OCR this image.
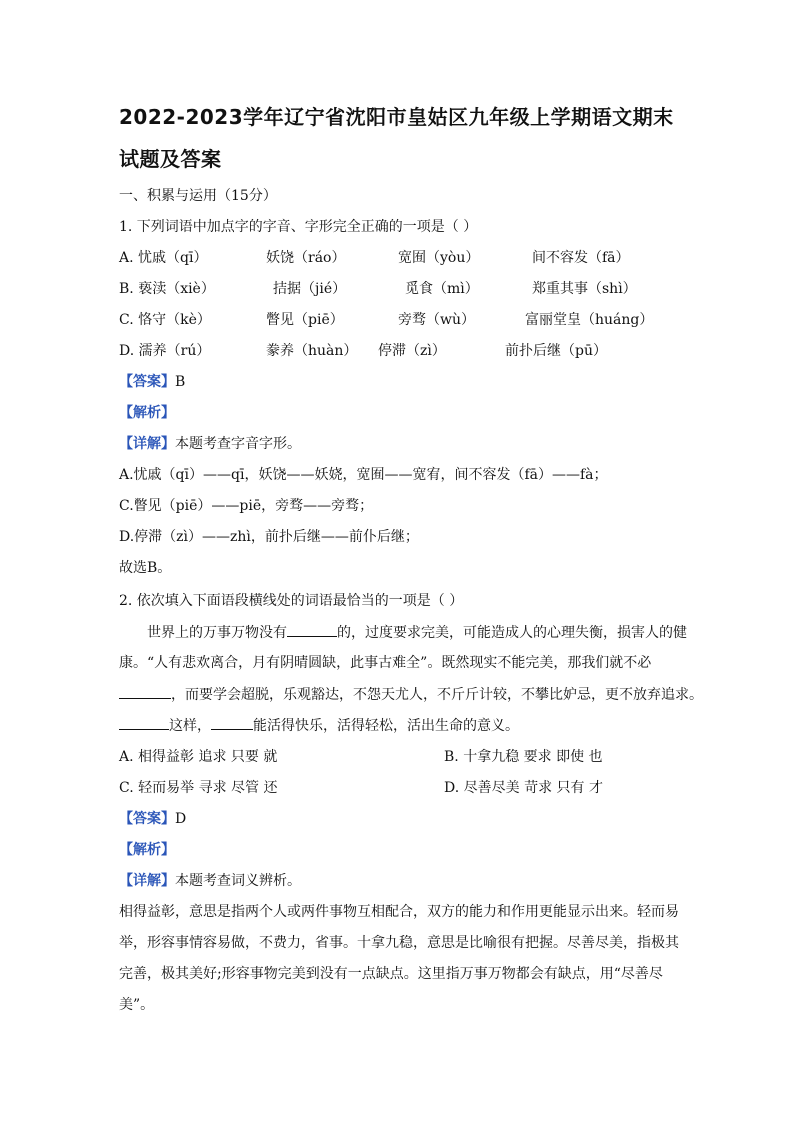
2022-2023学年辽宁省沈阳市皇姑区九年级上学期语文期末
试题及答案
一、积累与运用（15分）
1. 下列词语中加点字的字音、字形完全正确的一项是（ ）
A. 忧戚（qī）	妖饶（ráo）	宽囿（yòu）	间不容发（fā）
B. 亵渎（xiè）	拮据（jié）	觅食（mì）	郑重其事（shì）
C. 恪守（kè）	瞥见（piē）	旁骛（wù）	富丽堂皇（huáng）
D. 濡养（rú）	豢养（huàn） 停滞（zì）	前扑后继（pū）
【答案】B
【解析】
【详解】本题考查字音字形。
A.忧戚（qī）——qī，妖饶——妖娆，宽囿——宽宥，间不容发（fā）——fà；
C.瞥见（piē）——piē，旁骛——旁骛；
D.停滞（zì）——zhì，前扑后继——前仆后继；
故选B。
2. 依次填入下面语段横线处的词语最恰当的一项是（ ）
世界上的万事万物没有	的，过度要求完美，可能造成人的心理失衡，损害人的健
康。“人有悲欢离合，月有阴晴圆缺，此事古难全”。既然现实不能完美，那我们就不必
，而要学会超脱，乐观豁达，不怨天尤人，不斤斤计较，不攀比妒忌，更不放弃追求。
这样，	能活得快乐，活得轻松，活出生命的意义。
A. 相得益彰 追求 只要 就	B. 十拿九稳 要求 即使 也
C. 轻而易举 寻求 尽管 还	D. 尽善尽美 苛求 只有 才
【答案】D
【解析】
【详解】本题考查词义辨析。
相得益彰，意思是指两个人或两件事物互相配合，双方的能力和作用更能显示出来。轻而易举，形容事情容易做，不费力，省事。十拿九稳，意思是比喻很有把握。尽善尽美，指极其完善，极其美好;形容事物完美到没有一点缺点。这里指万事万物都会有缺点，用“尽善尽美”。
